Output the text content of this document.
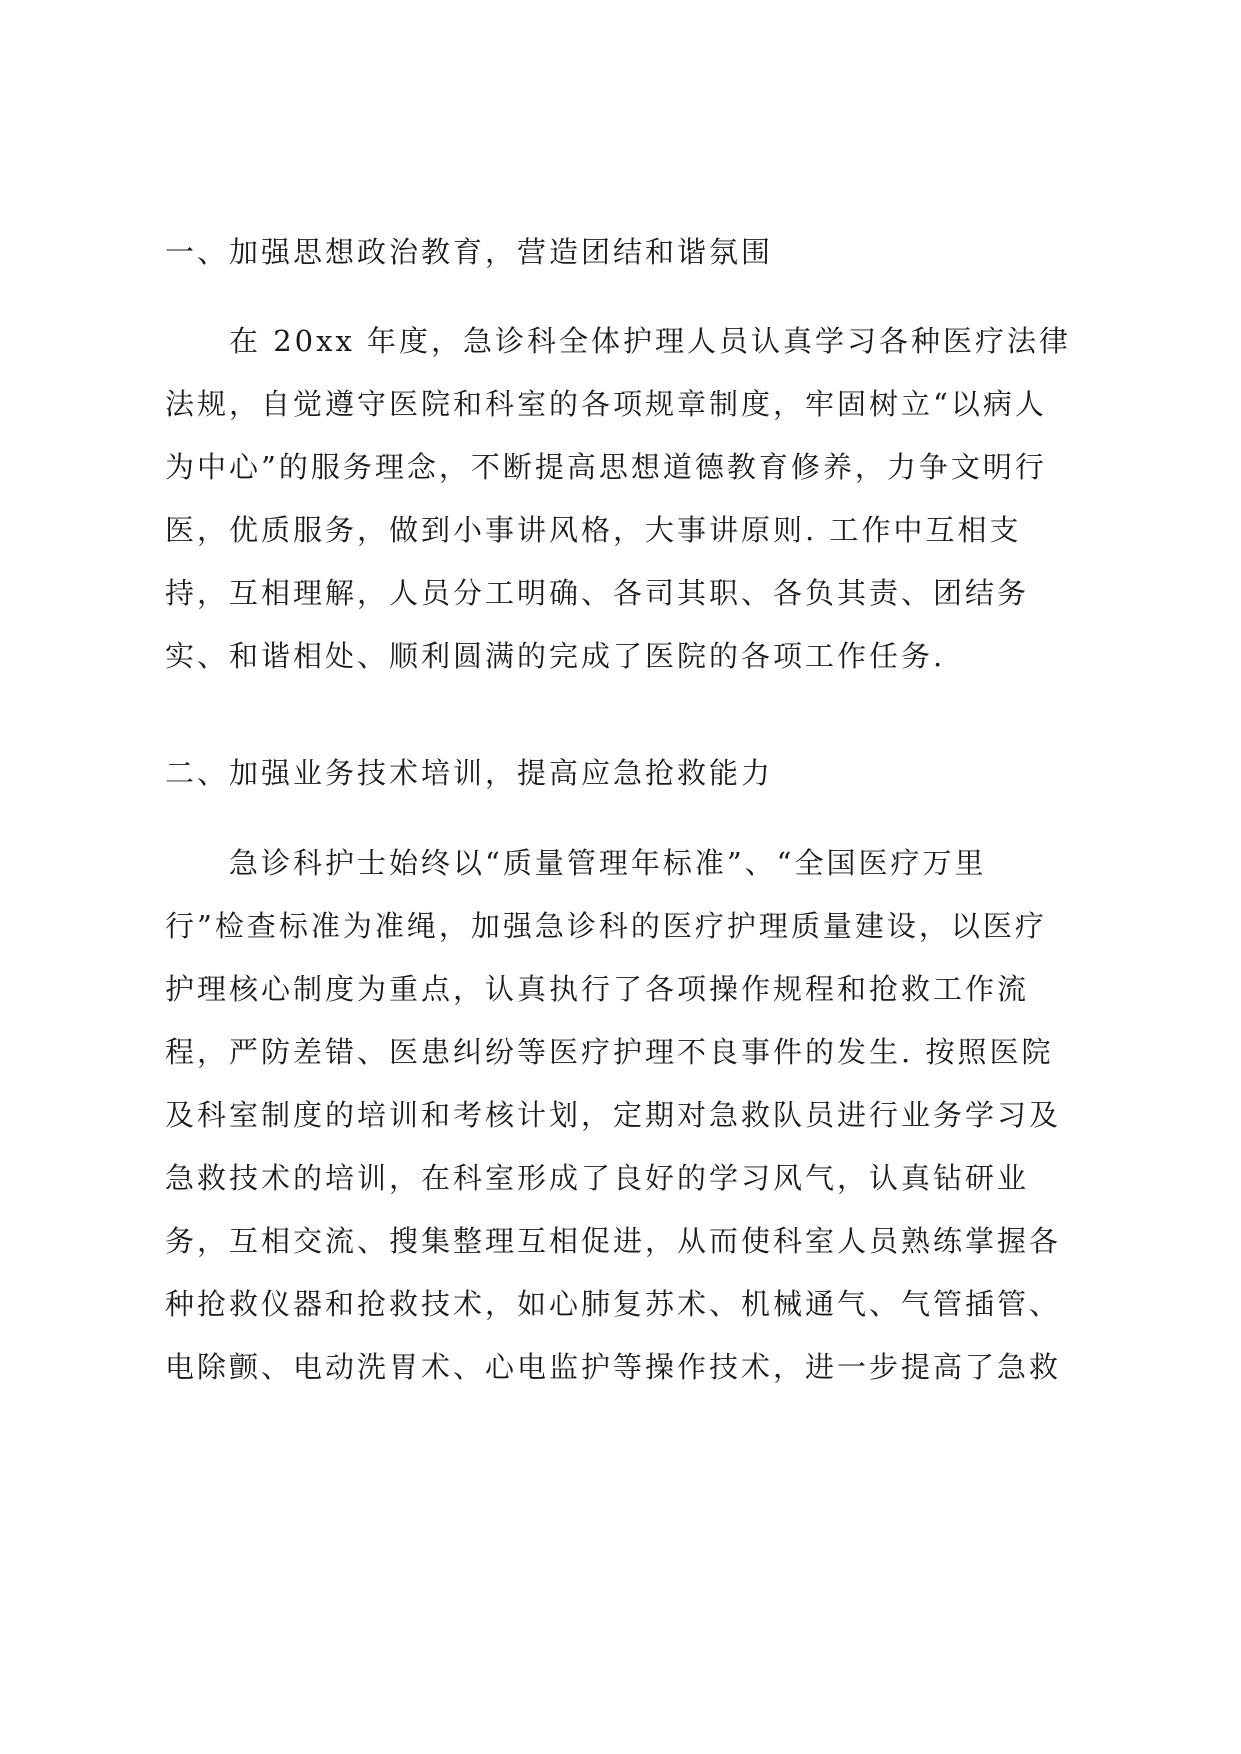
一、加强思想政治教育，营造团结和谐氛围
　　在 20xx 年度，急诊科全体护理人员认真学习各种医疗法律
法规，自觉遵守医院和科室的各项规章制度，牢固树立“以病人
为中心”的服务理念，不断提高思想道德教育修养，力争文明行
医，优质服务，做到小事讲风格，大事讲原则. 工作中互相支
持，互相理解，人员分工明确、各司其职、各负其责、团结务
实、和谐相处、顺利圆满的完成了医院的各项工作任务.
二、加强业务技术培训，提高应急抢救能力
　　急诊科护士始终以“质量管理年标准”、“全国医疗万里
行”检查标准为准绳，加强急诊科的医疗护理质量建设，以医疗
护理核心制度为重点，认真执行了各项操作规程和抢救工作流
程，严防差错、医患纠纷等医疗护理不良事件的发生. 按照医院
及科室制度的培训和考核计划，定期对急救队员进行业务学习及
急救技术的培训，在科室形成了良好的学习风气，认真钻研业
务，互相交流、搜集整理互相促进，从而使科室人员熟练掌握各
种抢救仪器和抢救技术，如心肺复苏术、机械通气、气管插管、
电除颤、电动洗胃术、心电监护等操作技术，进一步提高了急救
